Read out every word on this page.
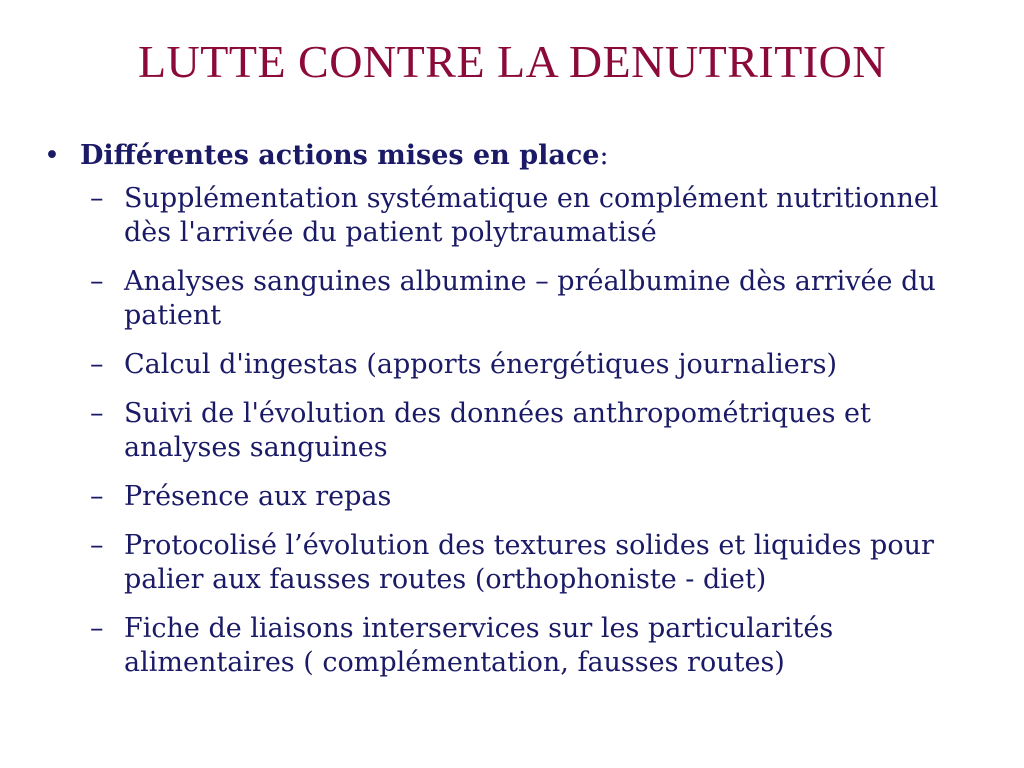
LUTTE CONTRE LA DENUTRITION
• Différentes actions mises en place:
– Supplémentation systématique en complément nutritionnel dès l'arrivée du patient polytraumatisé
– Analyses sanguines albumine – préalbumine dès arrivée du patient
– Calcul d'ingestas (apports énergétiques journaliers)
– Suivi de l'évolution des données anthropométriques et analyses sanguines
– Présence aux repas
– Protocolisé l’évolution des textures solides et liquides pour palier aux fausses routes (orthophoniste - diet)
– Fiche de liaisons interservices sur les particularités alimentaires ( complémentation, fausses routes)
